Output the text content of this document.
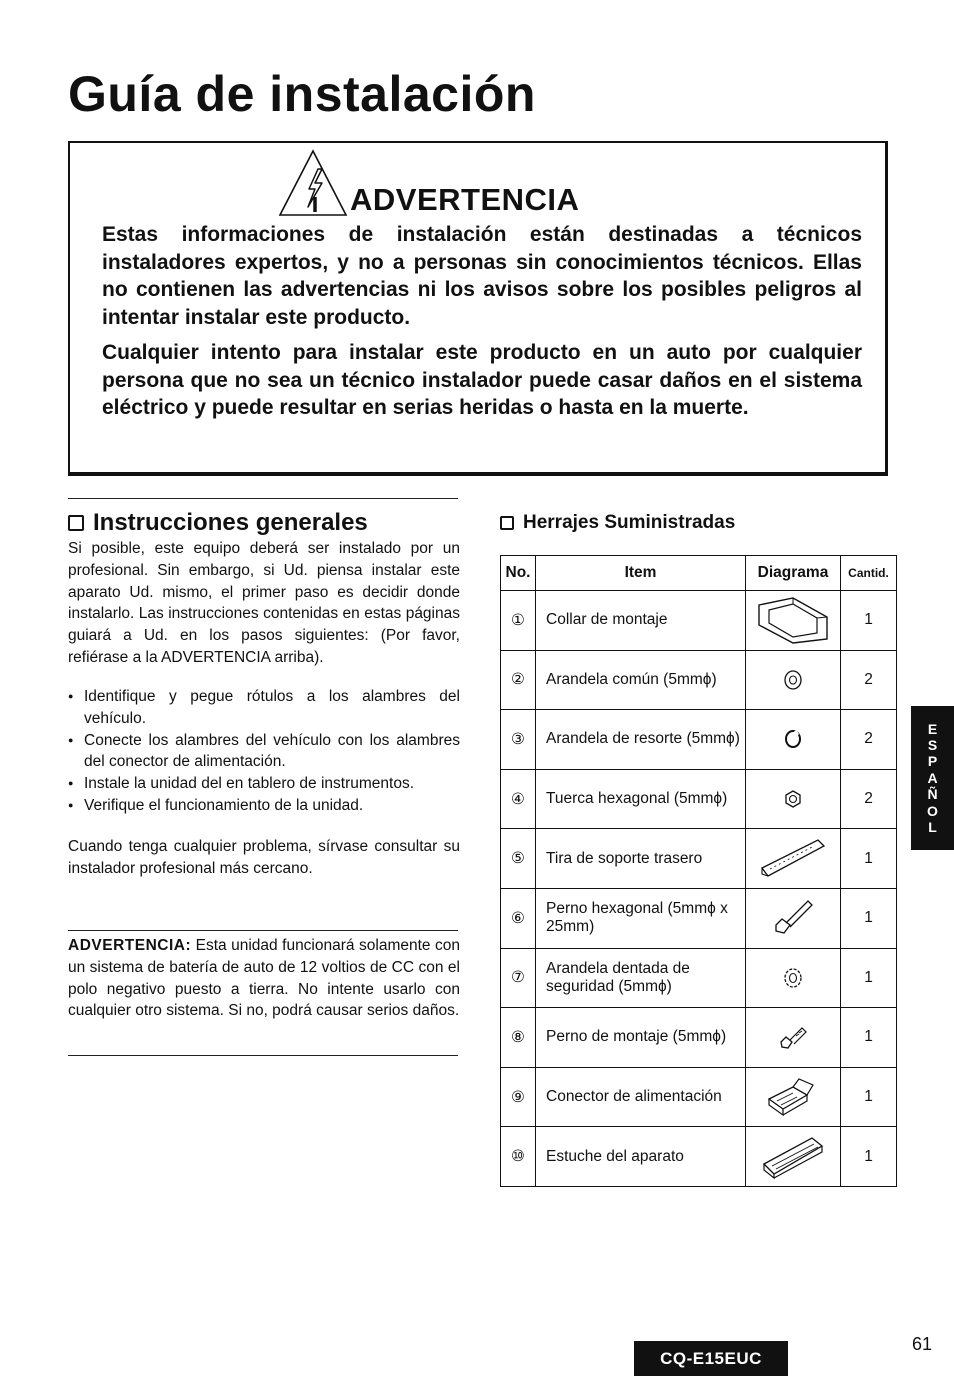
Guía de instalación
ADVERTENCIA
Estas informaciones de instalación están destinadas a técnicos instaladores expertos, y no a personas sin conocimientos técnicos. Ellas no contienen las advertencias ni los avisos sobre los posibles peligros al intentar instalar este producto.
Cualquier intento para instalar este producto en un auto por cualquier persona que no sea un técnico instalador puede casar daños en el sistema eléctrico y puede resultar en serias heridas o hasta en la muerte.
Instrucciones generales
Si posible, este equipo deberá ser instalado por un profesional. Sin embargo, si Ud. piensa instalar este aparato Ud. mismo, el primer paso es decidir donde instalarlo. Las instrucciones contenidas en estas páginas guiará a Ud. en los pasos siguientes: (Por favor, refiérase a la ADVERTENCIA arriba).
● Identifique y pegue rótulos a los alambres del vehículo.
● Conecte los alambres del vehículo con los alambres del conector de alimentación.
● Instale la unidad del en tablero de instrumentos.
● Verifique el funcionamiento de la unidad.
Cuando tenga cualquier problema, sírvase consultar su instalador profesional más cercano.
ADVERTENCIA: Esta unidad funcionará solamente con un sistema de batería de auto de 12 voltios de CC con el polo negativo puesto a tierra. No intente usarlo con cualquier otro sistema. Si no, podrá causar serios daños.
Herrajes Suministradas
No.	Item	Diagrama	Cantid.
①	Collar de montaje		1
②	Arandela común (5mmϕ)		2
③	Arandela de resorte (5mmϕ)		2
④	Tuerca hexagonal (5mmϕ)		2
⑤	Tira de soporte trasero		1
⑥	Perno hexagonal (5mmϕ x 25mm)		1
⑦	Arandela dentada de seguridad (5mmϕ)		1
⑧	Perno de montaje (5mmϕ)		1
⑨	Conector de alimentación		1
⑩	Estuche del aparato		1
E
S
P
A
Ñ
O
L
CQ-E15EUC
61
